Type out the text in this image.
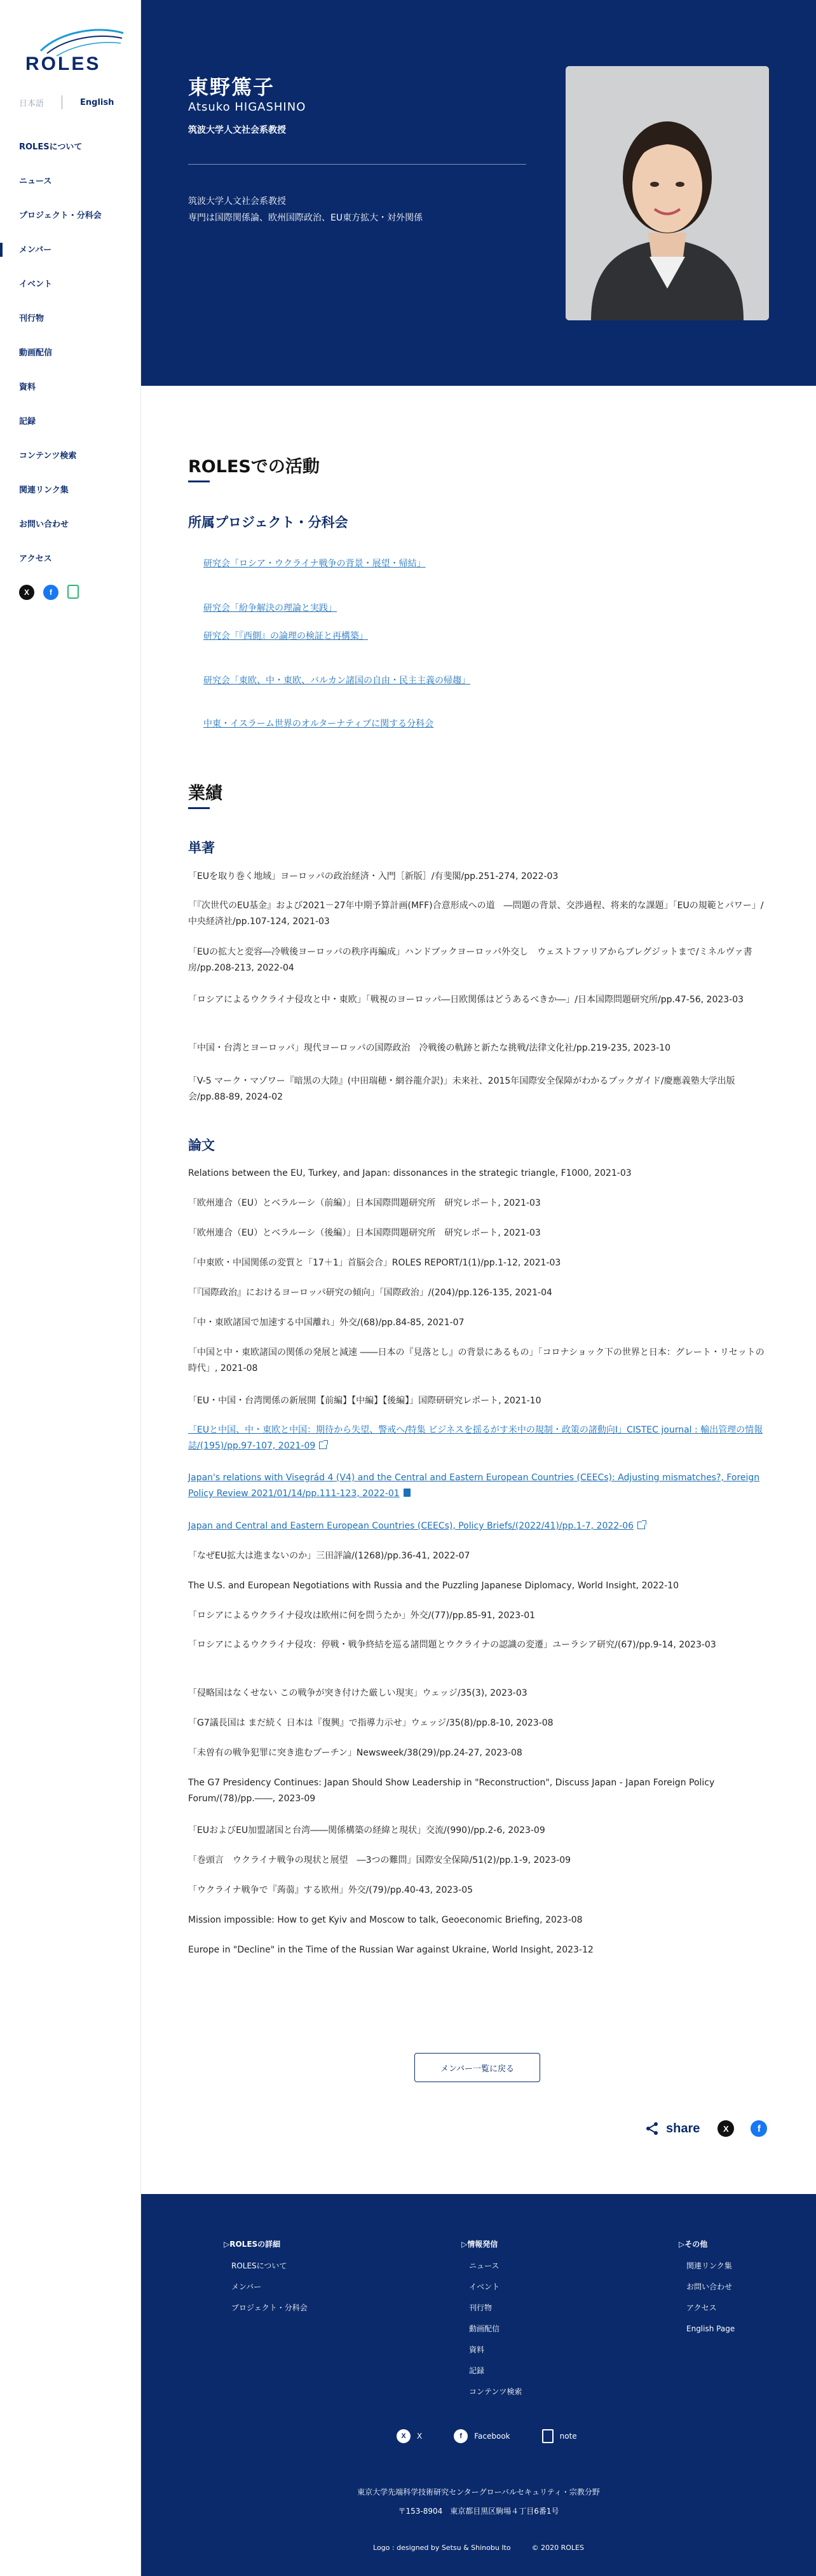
ROLES
日本語	English
ROLESについて
ニュース
プロジェクト・分科会
メンバー
イベント
刊行物
動画配信
資料
記録
コンテンツ検索
関連リンク集
お問い合わせ
アクセス
X	f
東野篤子
Atsuko HIGASHINO
筑波大学人文社会系教授
筑波大学人文社会系教授
専門は国際関係論、欧州国際政治、EU東方拡大・対外関係
ROLESでの活動
所属プロジェクト・分科会
研究会「ロシア・ウクライナ戦争の背景・展望・帰結」
研究会「紛争解決の理論と実践」
研究会「『西側』の論理の検証と再構築」
研究会「東欧、中・東欧、バルカン諸国の自由・民主主義の帰趨」
中東・イスラーム世界のオルターナティブに関する分科会
業績
単著
「EUを取り巻く地域」ヨーロッパの政治経済・入門［新版］/有斐閣/pp.251-274, 2022-03
「『次世代のEU基金』および2021－27年中期予算計画(MFF)合意形成への道　―問題の背景、交渉過程、将来的な課題」「EUの規範とパワー」/中央経済社/pp.107-124, 2021-03
「EUの拡大と変容―冷戦後ヨーロッパの秩序再編成」ハンドブックヨーロッパ外交し　ウェストファリアからブレグジットまで/ミネルヴァ書房/pp.208-213, 2022-04
「ロシアによるウクライナ侵攻と中・東欧」「戦視のヨーロッパ―日欧関係はどうあるべきか―」/日本国際問題研究所/pp.47-56, 2023-03
「中国・台湾とヨーロッパ」現代ヨーロッパの国際政治　冷戦後の軌跡と新たな挑戦/法律文化社/pp.219-235, 2023-10
「V-5 マーク・マゾワー『暗黒の大陸』(中田瑞穂・網谷龍介訳)」未来社、2015年国際安全保障がわかるブックガイド/慶應義塾大学出版会/pp.88-89, 2024-02
論文
Relations between the EU, Turkey, and Japan: dissonances in the strategic triangle, F1000, 2021-03
「欧州連合（EU）とベラルーシ（前編）」日本国際問題研究所　研究レポート, 2021-03
「欧州連合（EU）とベラルーシ（後編）」日本国際問題研究所　研究レポート, 2021-03
「中東欧・中国関係の変質と「17＋1」首脳会合」ROLES REPORT/1(1)/pp.1-12, 2021-03
「『国際政治』におけるヨーロッパ研究の傾向」「国際政治」/(204)/pp.126-135, 2021-04
「中・東欧諸国で加速する中国離れ」外交/(68)/pp.84-85, 2021-07
「中国と中・東欧諸国の関係の発展と減速 ――日本の『見落とし』の背景にあるもの」「コロナショック下の世界と日本：グレート・リセットの時代」, 2021-08
「EU・中国・台湾関係の新展開【前編】【中編】【後編】」国際研研究レポート, 2021-10
「EUと中国、中・東欧と中国：期待から失望、警戒へ/特集 ビジネスを揺るがす米中の規制・政策の諸動向I」CISTEC journal : 輸出管理の情報誌/(195)/pp.97-107, 2021-09
Japan's relations with Visegrád 4 (V4) and the Central and Eastern European Countries (CEECs): Adjusting mismatches?, Foreign Policy Review 2021/01/14/pp.111-123, 2022-01
Japan and Central and Eastern European Countries (CEECs), Policy Briefs/(2022/41)/pp.1-7, 2022-06
「なぜEU拡大は進まないのか」三田評論/(1268)/pp.36-41, 2022-07
The U.S. and European Negotiations with Russia and the Puzzling Japanese Diplomacy, World Insight, 2022-10
「ロシアによるウクライナ侵攻は欧州に何を問うたか」外交/(77)/pp.85-91, 2023-01
「ロシアによるウクライナ侵攻：停戦・戦争終結を巡る諸問題とウクライナの認識の変遷」ユーラシア研究/(67)/pp.9-14, 2023-03
「侵略国はなくせない この戦争が突き付けた厳しい現実」ウェッジ/35(3), 2023-03
「G7議長国は まだ続く 日本は『復興』で指導力示せ」ウェッジ/35(8)/pp.8-10, 2023-08
「未曽有の戦争犯罪に突き進むプーチン」Newsweek/38(29)/pp.24-27, 2023-08
The G7 Presidency Continues: Japan Should Show Leadership in "Reconstruction", Discuss Japan - Japan Foreign Policy Forum/(78)/pp.――, 2023-09
「EUおよびEU加盟諸国と台湾――関係構築の経緯と現状」交流/(990)/pp.2-6, 2023-09
「巻頭言　ウクライナ戦争の現状と展望　―3つの難問」国際安全保障/51(2)/pp.1-9, 2023-09
「ウクライナ戦争で『蒟蒻』する欧州」外交/(79)/pp.40-43, 2023-05
Mission impossible: How to get Kyiv and Moscow to talk, Geoeconomic Briefing, 2023-08
Europe in "Decline" in the Time of the Russian War against Ukraine, World Insight, 2023-12
メンバー一覧に戻る
share	X	f
▷ROLESの詳細
ROLESについて
メンバー
プロジェクト・分科会
▷情報発信
ニュース
イベント
刊行物
動画配信
資料
記録
コンテンツ検索
▷その他
関連リンク集
お問い合わせ
アクセス
English Page
X	X	f	Facebook	note
東京大学先端科学技術研究センターグローバルセキュリティ・宗教分野
〒153-8904　東京都目黒区駒場４丁目6番1号
Logo : designed by Setsu & Shinobu Ito　　　© 2020 ROLES
